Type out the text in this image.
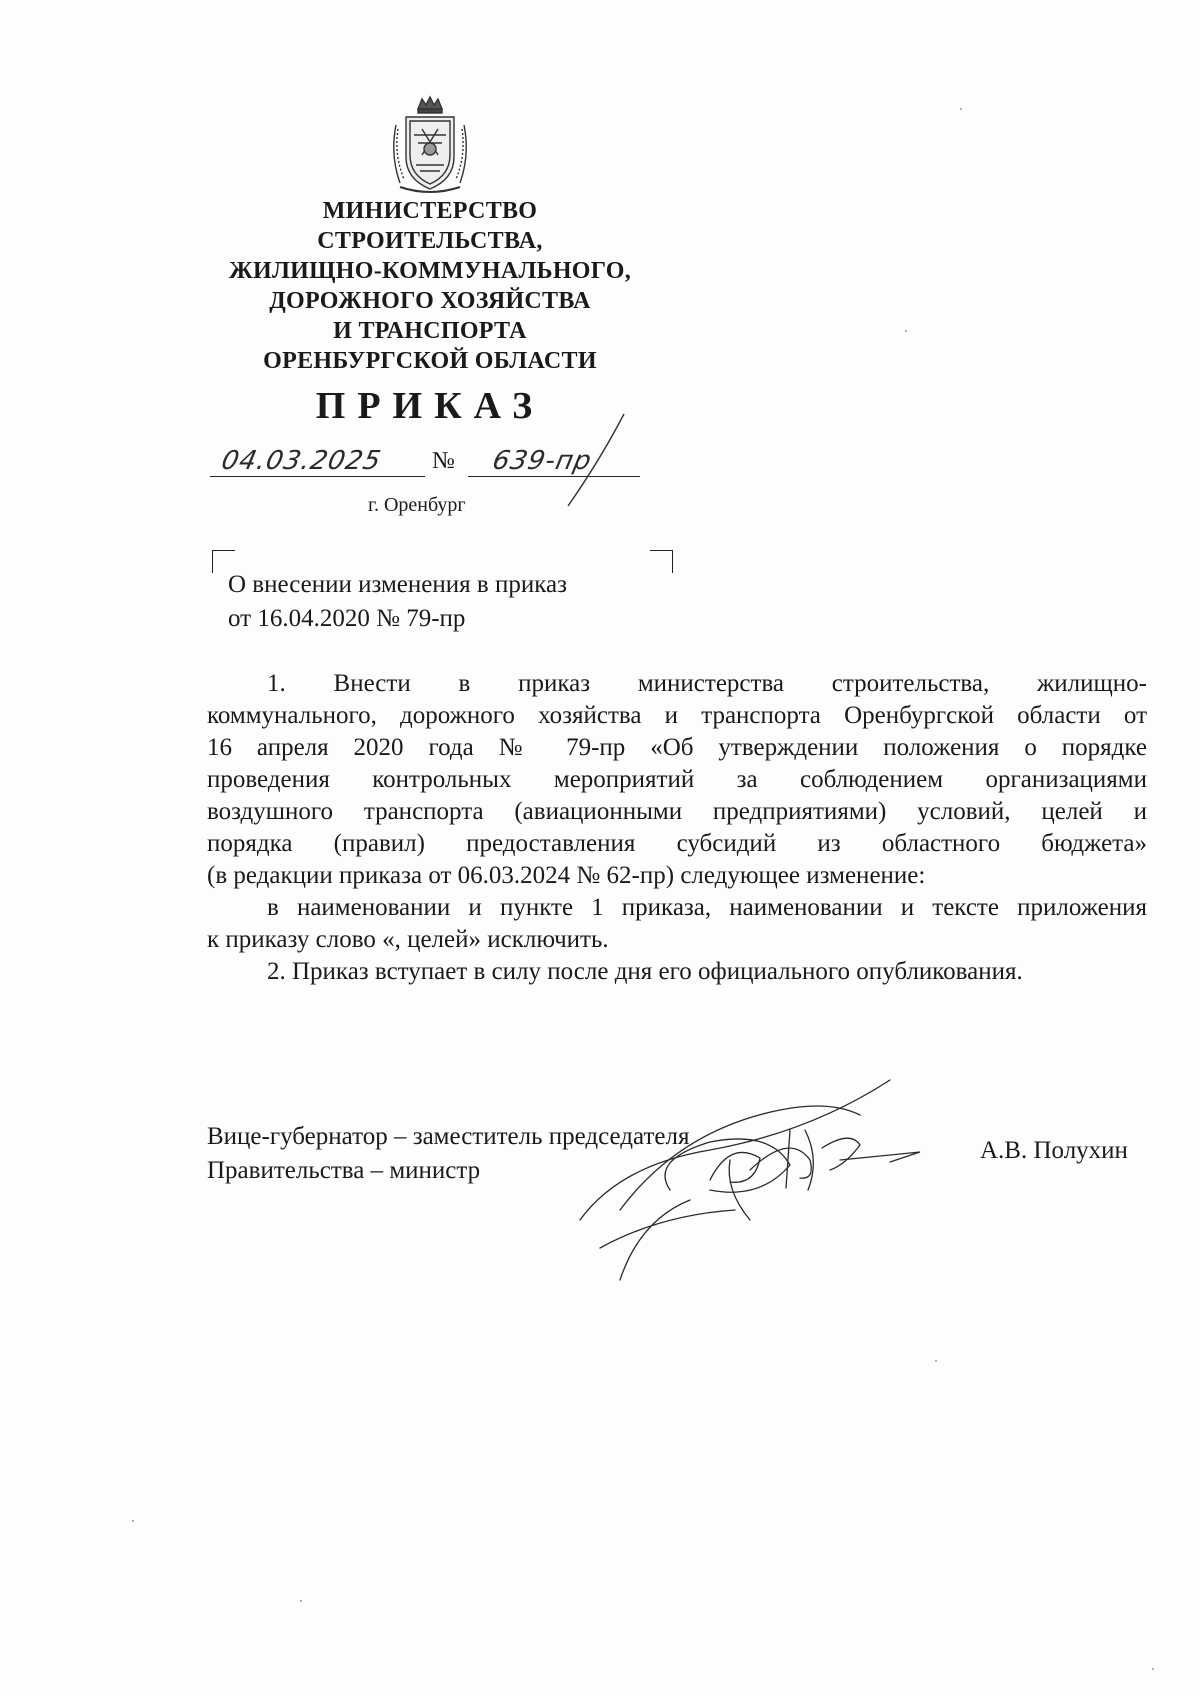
МИНИСТЕРСТВО
СТРОИТЕЛЬСТВА,
ЖИЛИЩНО-КОММУНАЛЬНОГО,
ДОРОЖНОГО ХОЗЯЙСТВА
И ТРАНСПОРТА
ОРЕНБУРГСКОЙ ОБЛАСТИ
ПРИКАЗ
04.03.2025 № 639-пр
г. Оренбург
О внесении изменения в приказ
от 16.04.2020 № 79-пр
1. Внести в приказ министерства строительства, жилищно-
коммунального, дорожного хозяйства и транспорта Оренбургской области от
16 апреля 2020 года № 79-пр «Об утверждении положения о порядке
проведения контрольных мероприятий за соблюдением организациями
воздушного транспорта (авиационными предприятиями) условий, целей и
порядка (правил) предоставления субсидий из областного бюджета»
(в редакции приказа от 06.03.2024 № 62-пр) следующее изменение:
в наименовании и пункте 1 приказа, наименовании и тексте приложения
к приказу слово «, целей» исключить.
2. Приказ вступает в силу после дня его официального опубликования.
Вице-губернатор – заместитель председателя
Правительства – министр
А.В. Полухин
